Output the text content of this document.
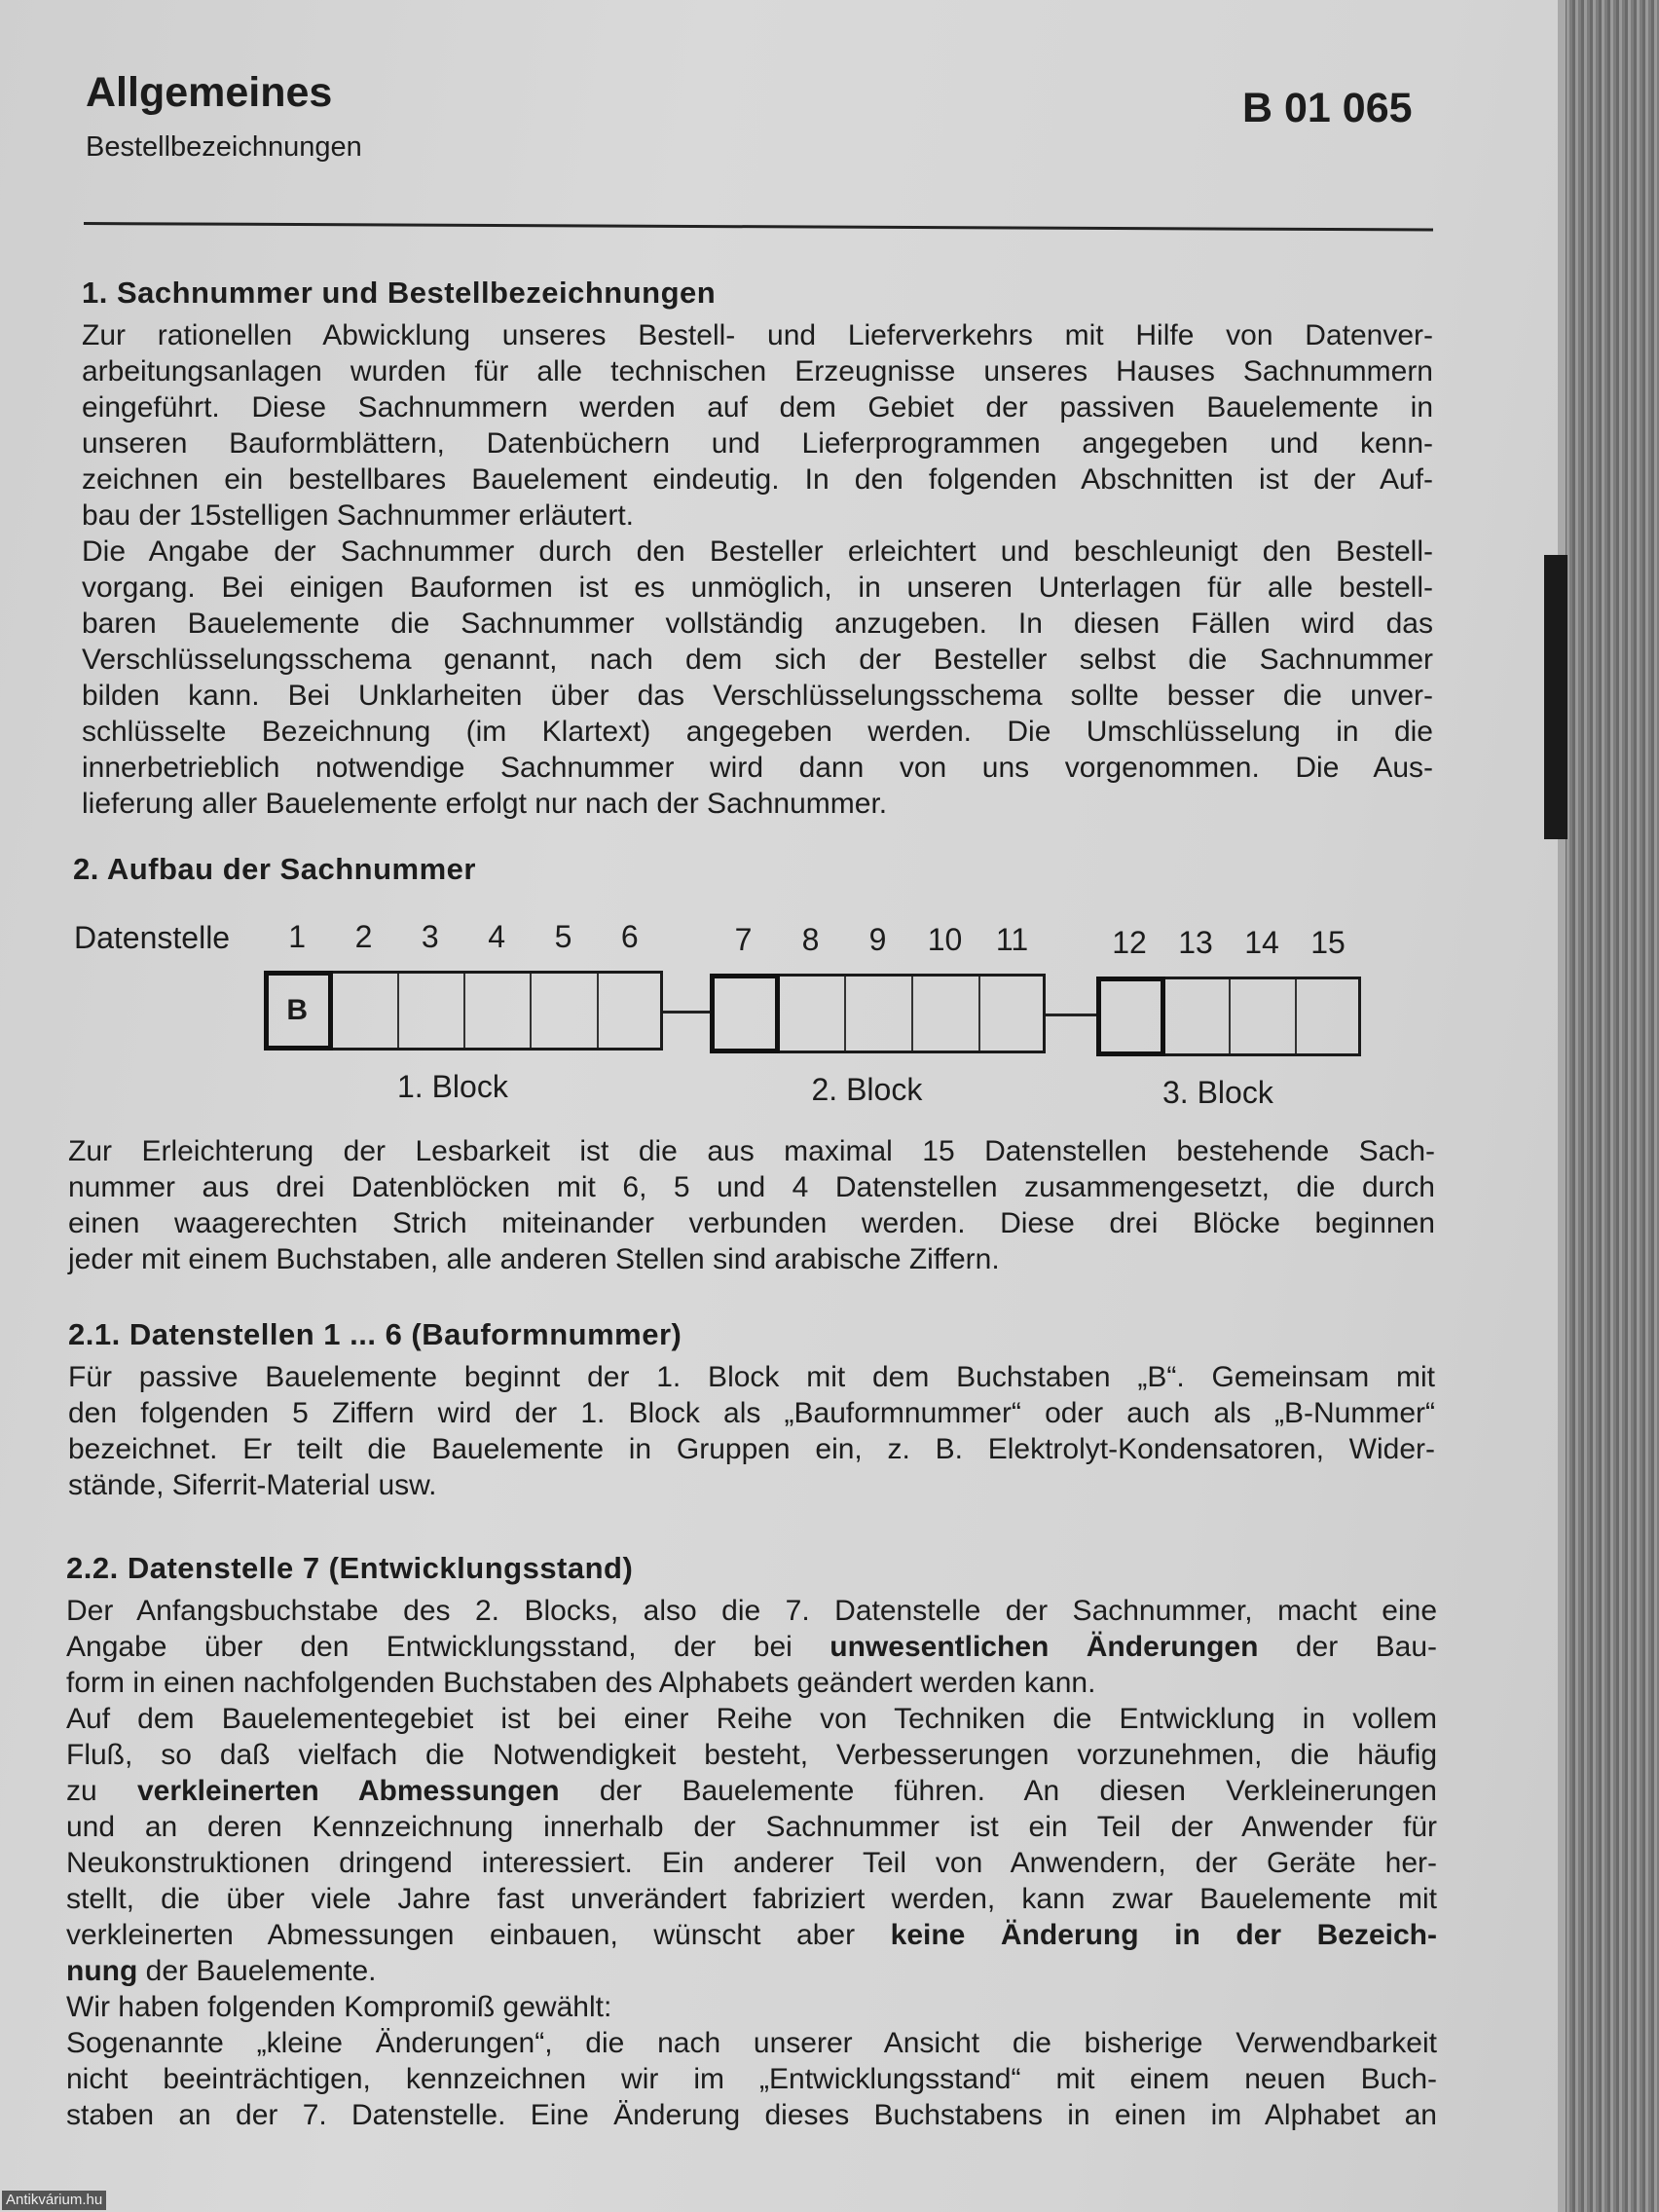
Allgemeines
Bestellbezeichnungen
B 01 065
1. Sachnummer und Bestellbezeichnungen
Zur rationellen Abwicklung unseres Bestell- und Lieferverkehrs mit Hilfe von Datenver-
arbeitungsanlagen wurden für alle technischen Erzeugnisse unseres Hauses Sachnummern
eingeführt. Diese Sachnummern werden auf dem Gebiet der passiven Bauelemente in
unseren Bauformblättern, Datenbüchern und Lieferprogrammen angegeben und kenn-
zeichnen ein bestellbares Bauelement eindeutig. In den folgenden Abschnitten ist der Auf-
bau der 15stelligen Sachnummer erläutert.
Die Angabe der Sachnummer durch den Besteller erleichtert und beschleunigt den Bestell-
vorgang. Bei einigen Bauformen ist es unmöglich, in unseren Unterlagen für alle bestell-
baren Bauelemente die Sachnummer vollständig anzugeben. In diesen Fällen wird das
Verschlüsselungsschema genannt, nach dem sich der Besteller selbst die Sachnummer
bilden kann. Bei Unklarheiten über das Verschlüsselungsschema sollte besser die unver-
schlüsselte Bezeichnung (im Klartext) angegeben werden. Die Umschlüsselung in die
innerbetrieblich notwendige Sachnummer wird dann von uns vorgenommen. Die Aus-
lieferung aller Bauelemente erfolgt nur nach der Sachnummer.
2. Aufbau der Sachnummer
Datenstelle 1 2 3 4 5 6
B
1. Block
7 8 9 10 11
2. Block
12 13 14 15
3. Block
Zur Erleichterung der Lesbarkeit ist die aus maximal 15 Datenstellen bestehende Sach-
nummer aus drei Datenblöcken mit 6, 5 und 4 Datenstellen zusammengesetzt, die durch
einen waagerechten Strich miteinander verbunden werden. Diese drei Blöcke beginnen
jeder mit einem Buchstaben, alle anderen Stellen sind arabische Ziffern.
2.1. Datenstellen 1 ... 6 (Bauformnummer)
Für passive Bauelemente beginnt der 1. Block mit dem Buchstaben „B“. Gemeinsam mit
den folgenden 5 Ziffern wird der 1. Block als „Bauformnummer“ oder auch als „B-Nummer“
bezeichnet. Er teilt die Bauelemente in Gruppen ein, z. B. Elektrolyt-Kondensatoren, Wider-
stände, Siferrit-Material usw.
2.2. Datenstelle 7 (Entwicklungsstand)
Der Anfangsbuchstabe des 2. Blocks, also die 7. Datenstelle der Sachnummer, macht eine
Angabe über den Entwicklungsstand, der bei unwesentlichen Änderungen der Bau-
form in einen nachfolgenden Buchstaben des Alphabets geändert werden kann.
Auf dem Bauelementegebiet ist bei einer Reihe von Techniken die Entwicklung in vollem
Fluß, so daß vielfach die Notwendigkeit besteht, Verbesserungen vorzunehmen, die häufig
zu verkleinerten Abmessungen der Bauelemente führen. An diesen Verkleinerungen
und an deren Kennzeichnung innerhalb der Sachnummer ist ein Teil der Anwender für
Neukonstruktionen dringend interessiert. Ein anderer Teil von Anwendern, der Geräte her-
stellt, die über viele Jahre fast unverändert fabriziert werden, kann zwar Bauelemente mit
verkleinerten Abmessungen einbauen, wünscht aber keine Änderung in der Bezeich-
nung der Bauelemente.
Wir haben folgenden Kompromiß gewählt:
Sogenannte „kleine Änderungen“, die nach unserer Ansicht die bisherige Verwendbarkeit
nicht beeinträchtigen, kennzeichnen wir im „Entwicklungsstand“ mit einem neuen Buch-
staben an der 7. Datenstelle. Eine Änderung dieses Buchstabens in einen im Alphabet an
Antikvárium.hu
